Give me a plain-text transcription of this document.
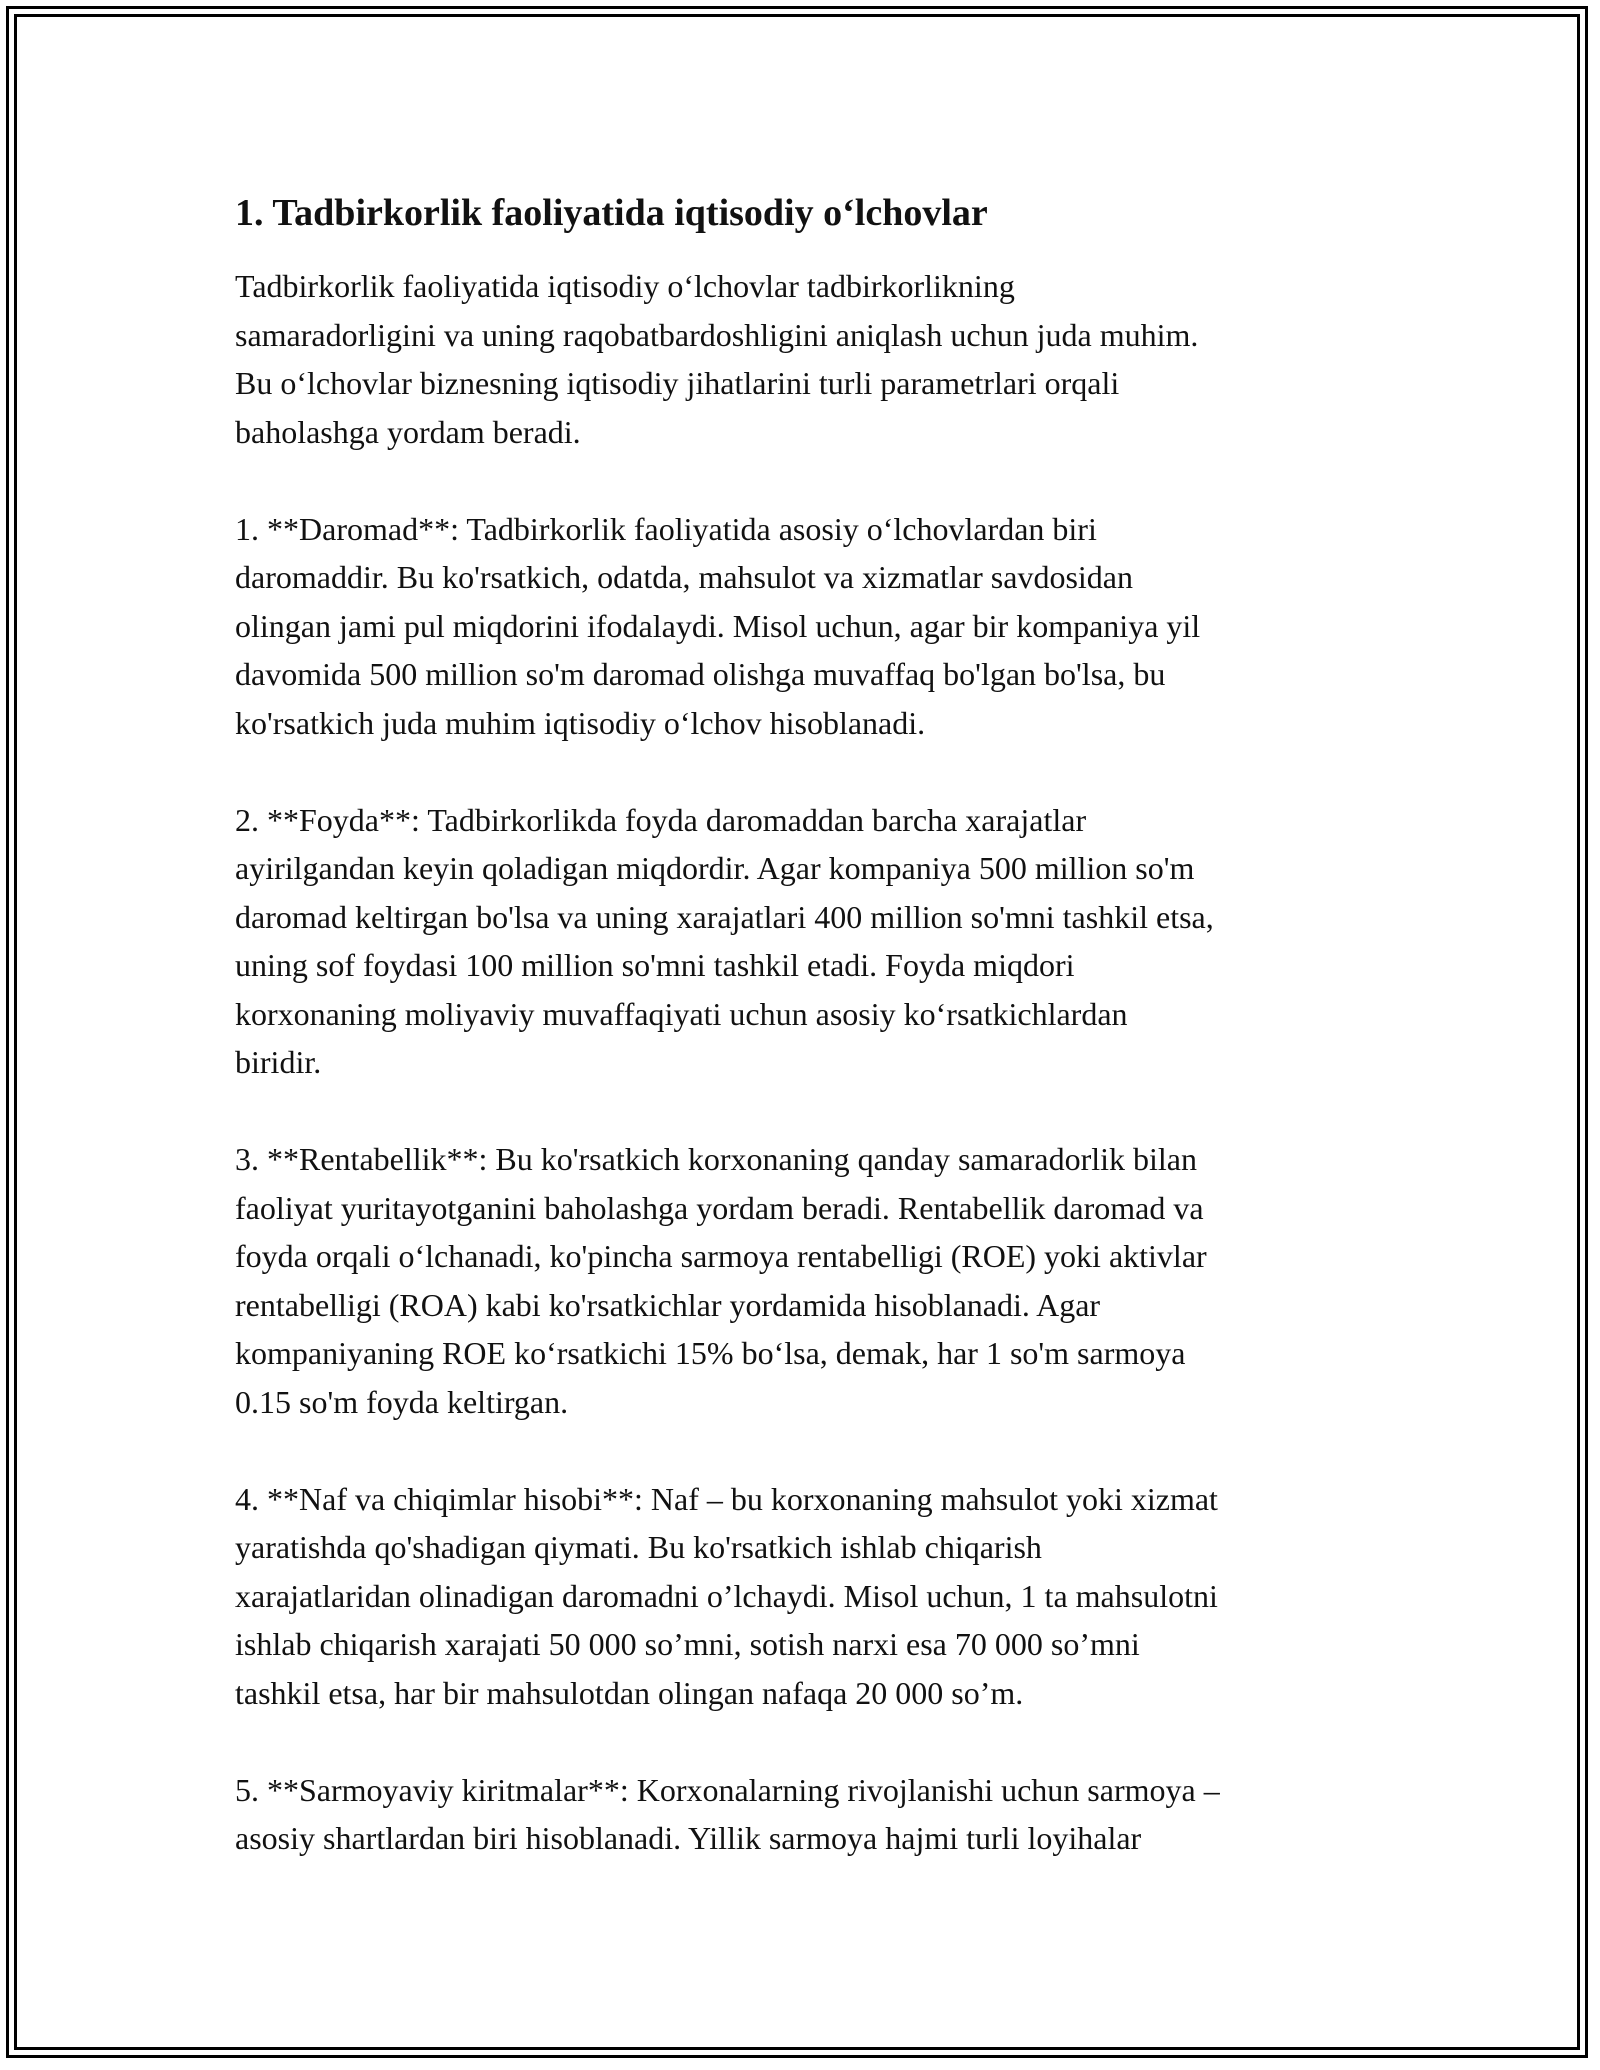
1. Tadbirkorlik faoliyatida iqtisodiy o‘lchovlar

Tadbirkorlik faoliyatida iqtisodiy o‘lchovlar tadbirkorlikning
samaradorligini va uning raqobatbardoshligini aniqlash uchun juda muhim.
Bu o‘lchovlar biznesning iqtisodiy jihatlarini turli parametrlari orqali
baholashga yordam beradi.

1. **Daromad**: Tadbirkorlik faoliyatida asosiy o‘lchovlardan biri
daromaddir. Bu ko'rsatkich, odatda, mahsulot va xizmatlar savdosidan
olingan jami pul miqdorini ifodalaydi. Misol uchun, agar bir kompaniya yil
davomida 500 million so'm daromad olishga muvaffaq bo'lgan bo'lsa, bu
ko'rsatkich juda muhim iqtisodiy o‘lchov hisoblanadi.

2. **Foyda**: Tadbirkorlikda foyda daromaddan barcha xarajatlar
ayirilgandan keyin qoladigan miqdordir. Agar kompaniya 500 million so'm
daromad keltirgan bo'lsa va uning xarajatlari 400 million so'mni tashkil etsa,
uning sof foydasi 100 million so'mni tashkil etadi. Foyda miqdori
korxonaning moliyaviy muvaffaqiyati uchun asosiy ko‘rsatkichlardan
biridir.

3. **Rentabellik**: Bu ko'rsatkich korxonaning qanday samaradorlik bilan
faoliyat yuritayotganini baholashga yordam beradi. Rentabellik daromad va
foyda orqali o‘lchanadi, ko'pincha sarmoya rentabelligi (ROE) yoki aktivlar
rentabelligi (ROA) kabi ko'rsatkichlar yordamida hisoblanadi. Agar
kompaniyaning ROE ko‘rsatkichi 15% bo‘lsa, demak, har 1 so'm sarmoya
0.15 so'm foyda keltirgan.

4. **Naf va chiqimlar hisobi**: Naf – bu korxonaning mahsulot yoki xizmat
yaratishda qo'shadigan qiymati. Bu ko'rsatkich ishlab chiqarish
xarajatlaridan olinadigan daromadni o’lchaydi. Misol uchun, 1 ta mahsulotni
ishlab chiqarish xarajati 50 000 so’mni, sotish narxi esa 70 000 so’mni
tashkil etsa, har bir mahsulotdan olingan nafaqa 20 000 so’m.

5. **Sarmoyaviy kiritmalar**: Korxonalarning rivojlanishi uchun sarmoya –
asosiy shartlardan biri hisoblanadi. Yillik sarmoya hajmi turli loyihalar
